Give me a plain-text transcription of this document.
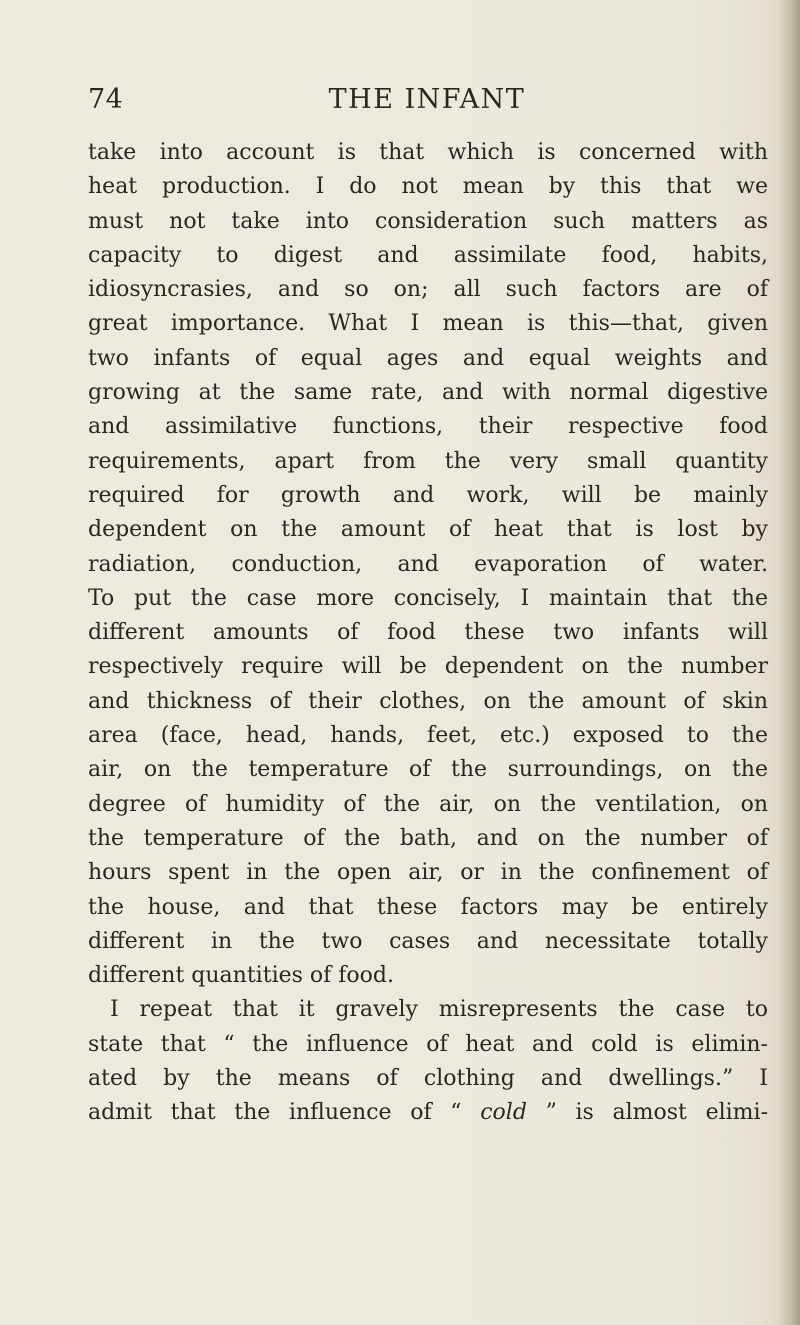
74	THE INFANT
take into account is that which is concerned with
heat production. I do not mean by this that we
must not take into consideration such matters as
capacity to digest and assimilate food, habits,
idiosyncrasies, and so on; all such factors are of
great importance. What I mean is this—that, given
two infants of equal ages and equal weights and
growing at the same rate, and with normal digestive
and assimilative functions, their respective food
requirements, apart from the very small quantity
required for growth and work, will be mainly
dependent on the amount of heat that is lost by
radiation, conduction, and evaporation of water.
To put the case more concisely, I maintain that the
different amounts of food these two infants will
respectively require will be dependent on the number
and thickness of their clothes, on the amount of skin
area (face, head, hands, feet, etc.) exposed to the
air, on the temperature of the surroundings, on the
degree of humidity of the air, on the ventilation, on
the temperature of the bath, and on the number of
hours spent in the open air, or in the confinement of
the house, and that these factors may be entirely
different in the two cases and necessitate totally
different quantities of food.
I repeat that it gravely misrepresents the case to
state that “ the influence of heat and cold is elimin-
ated by the means of clothing and dwellings.” I
admit that the influence of “ cold ” is almost elimi-
